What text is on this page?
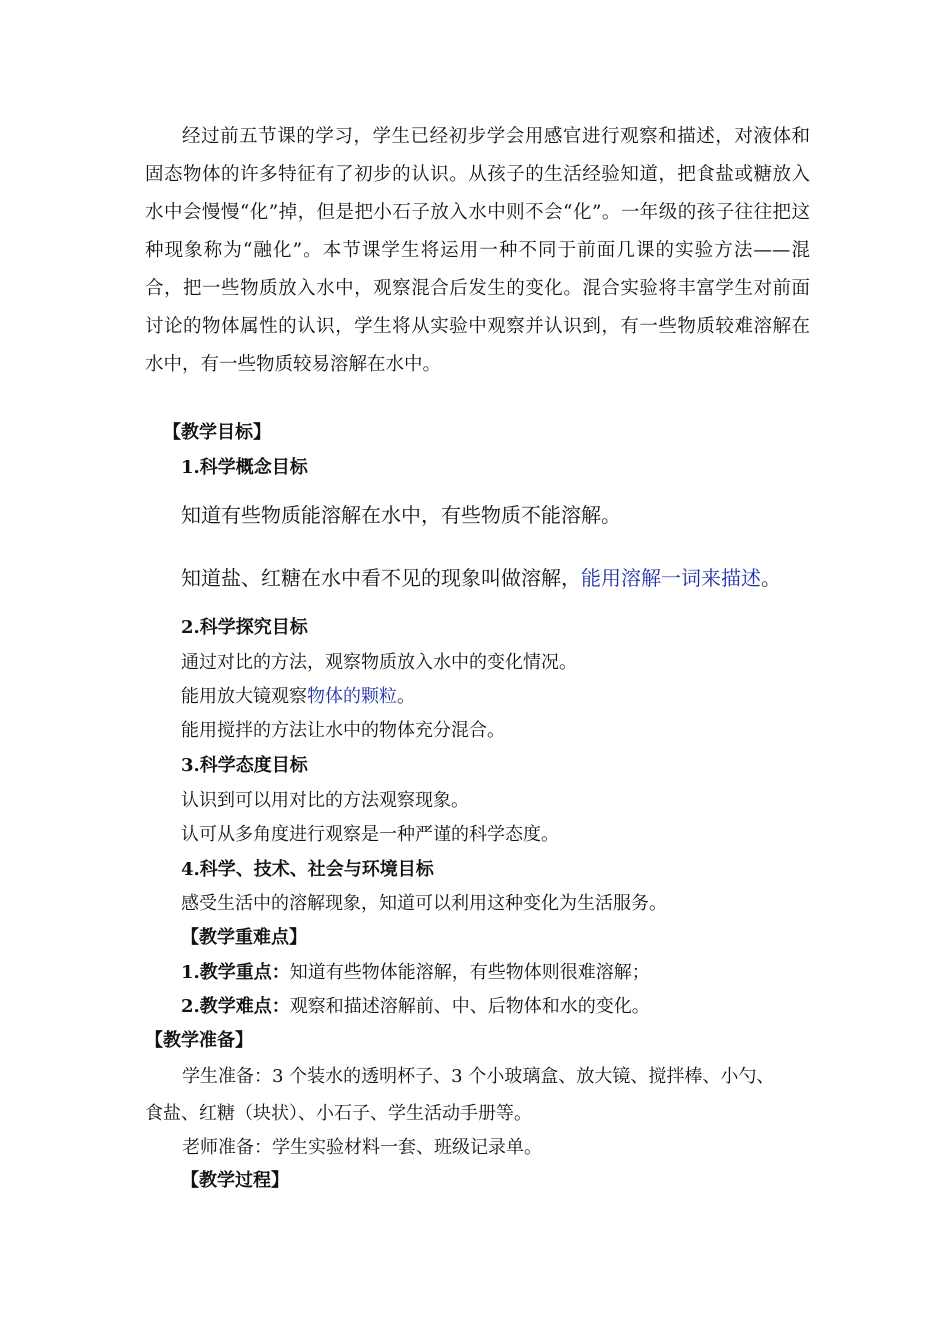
经过前五节课的学习，学生已经初步学会用感官进行观察和描述，对液体和固态物体的许多特征有了初步的认识。从孩子的生活经验知道，把食盐或糖放入水中会慢慢“化”掉，但是把小石子放入水中则不会“化”。一年级的孩子往往把这种现象称为“融化”。本节课学生将运用一种不同于前面几课的实验方法——混合，把一些物质放入水中，观察混合后发生的变化。混合实验将丰富学生对前面讨论的物体属性的认识，学生将从实验中观察并认识到，有一些物质较难溶解在水中，有一些物质较易溶解在水中。

【教学目标】
1.科学概念目标
知道有些物质能溶解在水中，有些物质不能溶解。
知道盐、红糖在水中看不见的现象叫做溶解，能用溶解一词来描述。
2.科学探究目标
通过对比的方法，观察物质放入水中的变化情况。
能用放大镜观察物体的颗粒。
能用搅拌的方法让水中的物体充分混合。
3.科学态度目标
认识到可以用对比的方法观察现象。
认可从多角度进行观察是一种严谨的科学态度。
4.科学、技术、社会与环境目标
感受生活中的溶解现象，知道可以利用这种变化为生活服务。
【教学重难点】
1.教学重点：知道有些物体能溶解，有些物体则很难溶解；
2.教学难点：观察和描述溶解前、中、后物体和水的变化。
【教学准备】
学生准备：3 个装水的透明杯子、3 个小玻璃盒、放大镜、搅拌棒、小勺、
食盐、红糖（块状）、小石子、学生活动手册等。
老师准备：学生实验材料一套、班级记录单。
【教学过程】
